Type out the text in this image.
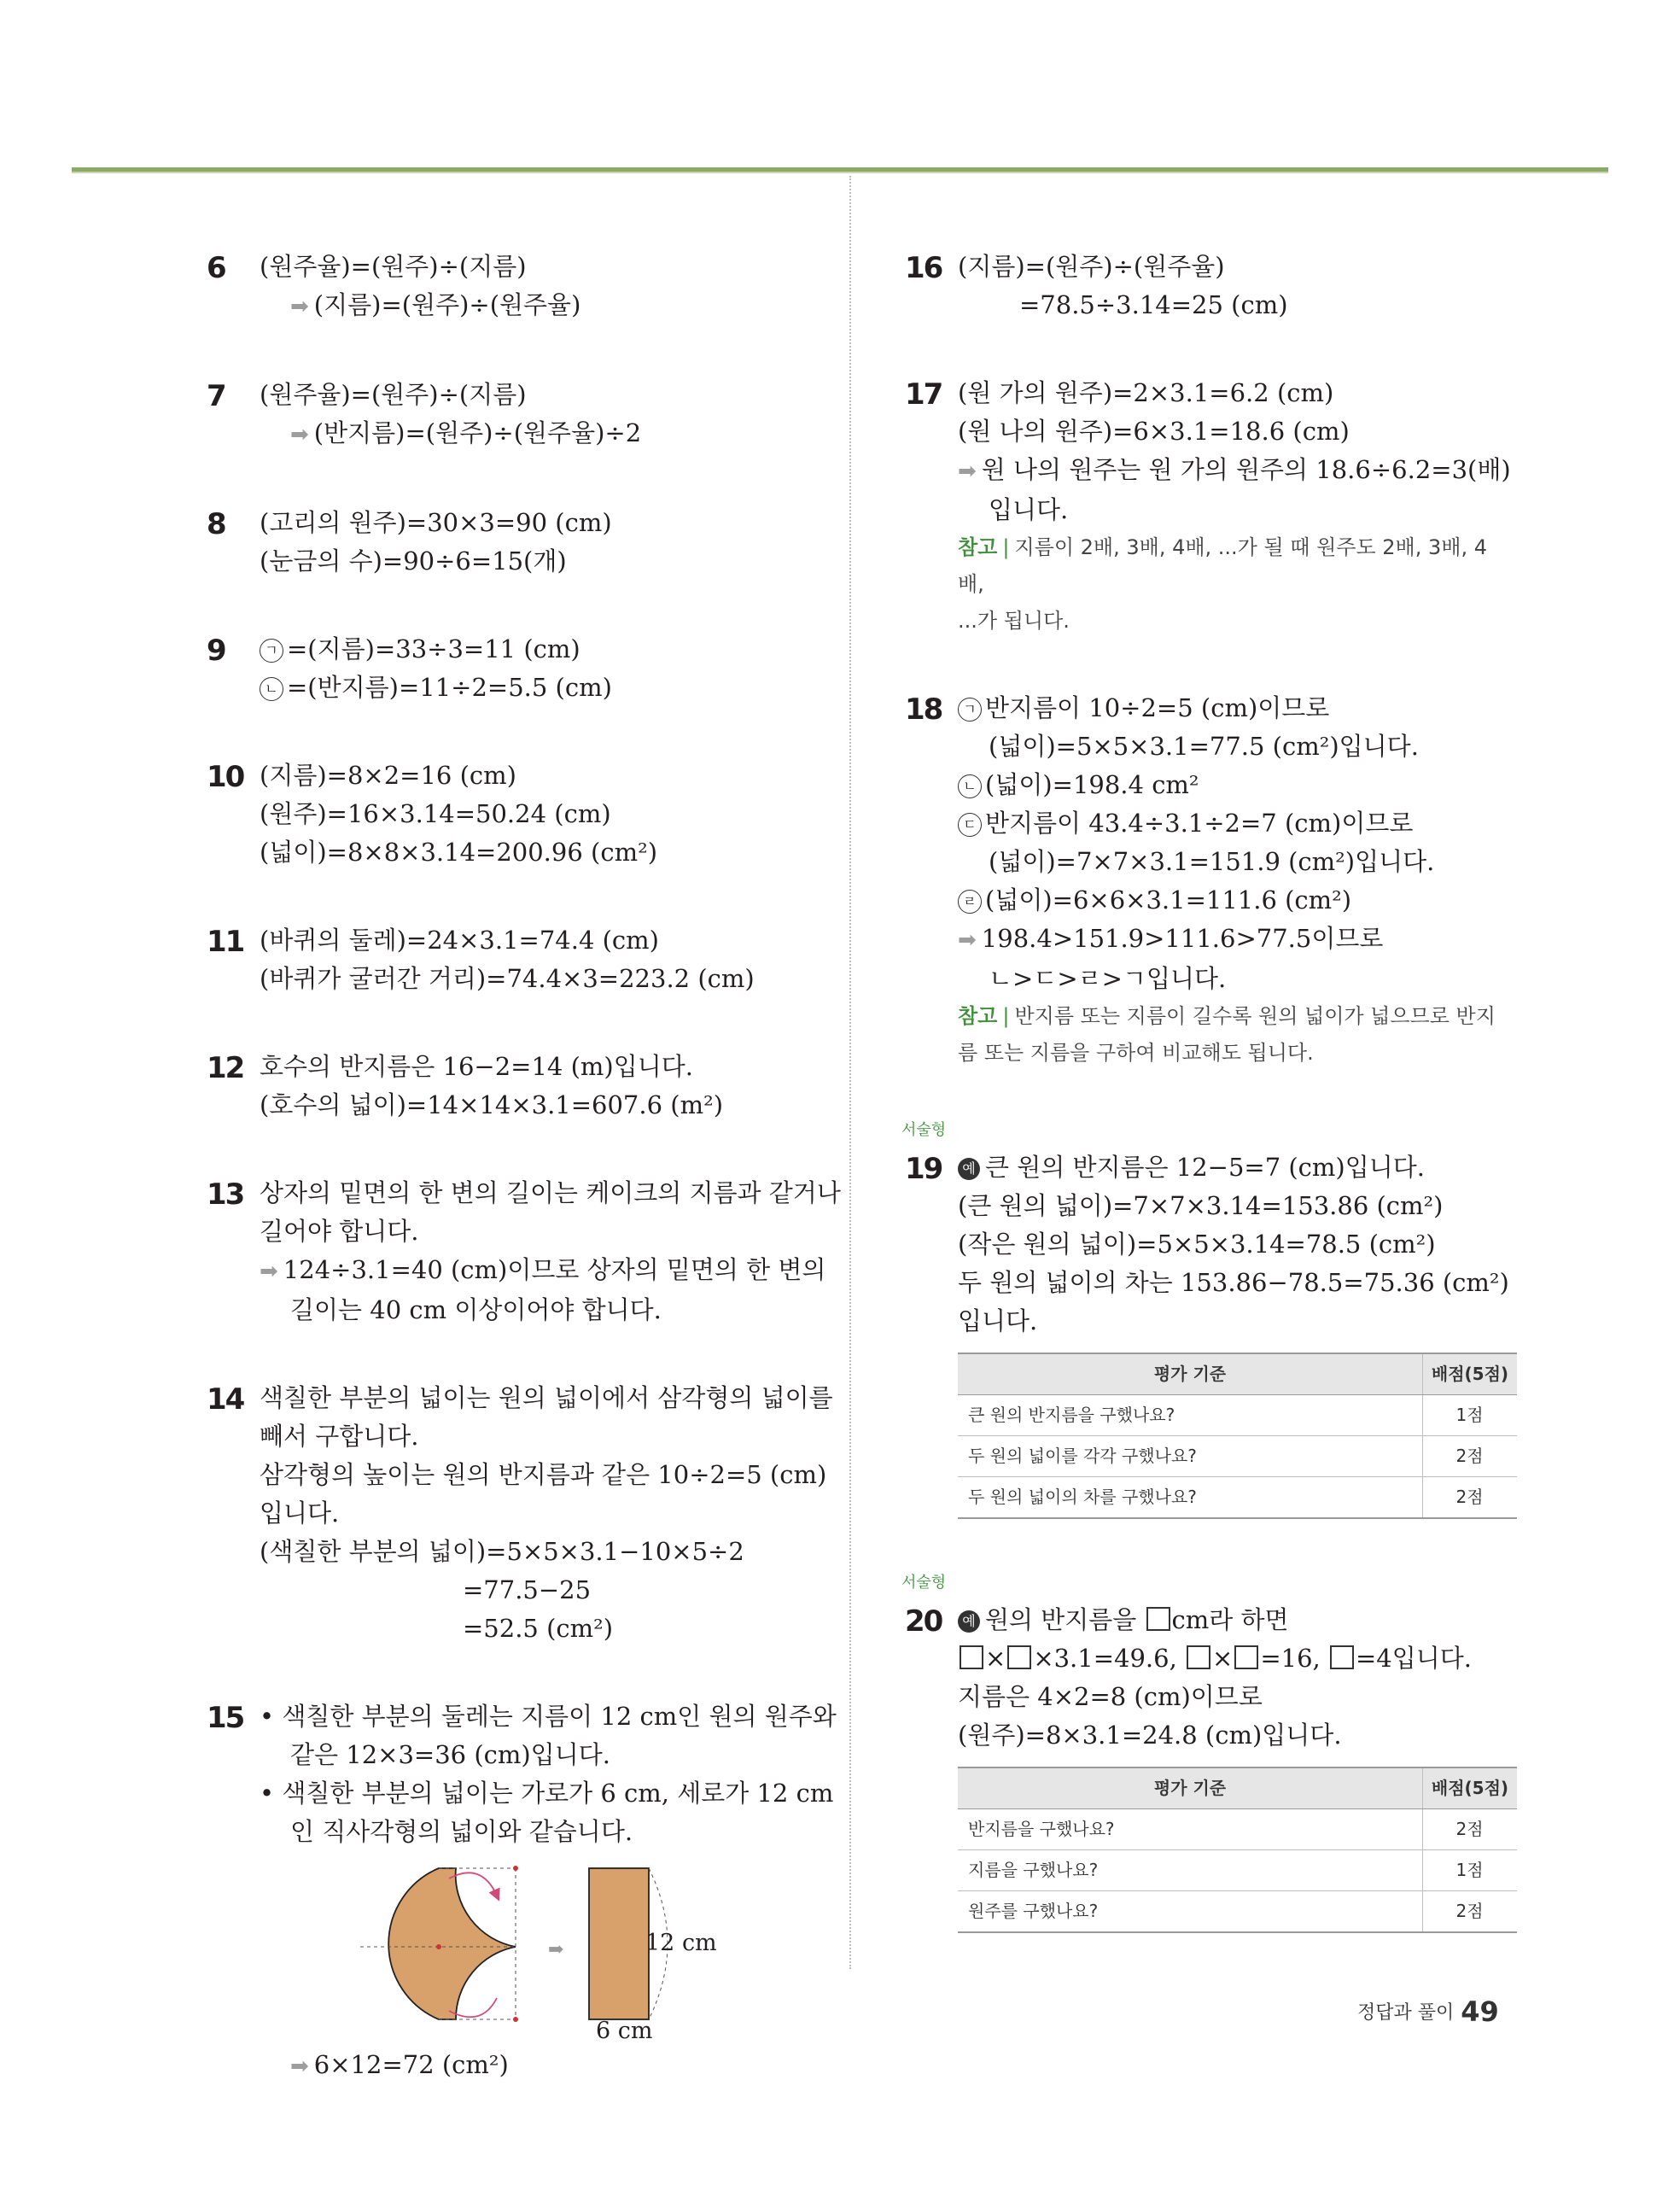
6	(원주율)=(원주)÷(지름)
➡ (지름)=(원주)÷(원주율)
7	(원주율)=(원주)÷(지름)
➡ (반지름)=(원주)÷(원주율)÷2
8	(고리의 원주)=30×3=90 (cm)
(눈금의 수)=90÷6=15(개)
9	ㄱ =(지름)=33÷3=11 (cm)
ㄴ =(반지름)=11÷2=5.5 (cm)
10 (지름)=8×2=16 (cm)
(원주)=16×3.14=50.24 (cm)
(넓이)=8×8×3.14=200.96 (cm²)
11 (바퀴의 둘레)=24×3.1=74.4 (cm)
(바퀴가 굴러간 거리)=74.4×3=223.2 (cm)
12 호수의 반지름은 16−2=14 (m)입니다.
(호수의 넓이)=14×14×3.1=607.6 (m²)
13 상자의 밑면의 한 변의 길이는 케이크의 지름과 같거나
길어야 합니다.
➡ 124÷3.1=40 (cm)이므로 상자의 밑면의 한 변의
길이는 40 cm 이상이어야 합니다.
14 색칠한 부분의 넓이는 원의 넓이에서 삼각형의 넓이를
빼서 구합니다.
삼각형의 높이는 원의 반지름과 같은 10÷2=5 (cm)
입니다.
(색칠한 부분의 넓이)=5×5×3.1−10×5÷2
=77.5−25
=52.5 (cm²)
15 • 색칠한 부분의 둘레는 지름이 12 cm인 원의 원주와
같은 12×3=36 (cm)입니다.
• 색칠한 부분의 넓이는 가로가 6 cm, 세로가 12 cm
인 직사각형의 넓이와 같습니다.
➡	12 cm
6 cm
➡ 6×12=72 (cm²)
16 (지름)=(원주)÷(원주율)
=78.5÷3.14=25 (cm)
17 (원 가의 원주)=2×3.1=6.2 (cm)
(원 나의 원주)=6×3.1=18.6 (cm)
➡ 원 나의 원주는 원 가의 원주의 18.6÷6.2=3(배)
입니다.
참고 | 지름이 2배, 3배, 4배, ...가 될 때 원주도 2배, 3배, 4배,
...가 됩니다.
18	ㄱ 반지름이 10÷2=5 (cm)이므로
(넓이)=5×5×3.1=77.5 (cm²)입니다.
ㄴ (넓이)=198.4 cm²
ㄷ 반지름이 43.4÷3.1÷2=7 (cm)이므로
(넓이)=7×7×3.1=151.9 (cm²)입니다.
ㄹ (넓이)=6×6×3.1=111.6 (cm²)
➡ 198.4>151.9>111.6>77.5이므로
ㄴ>ㄷ>ㄹ>ㄱ입니다.
참고 | 반지름 또는 지름이 길수록 원의 넓이가 넓으므로 반지
름 또는 지름을 구하여 비교해도 됩니다.
서술형
19	예 큰 원의 반지름은 12−5=7 (cm)입니다.
(큰 원의 넓이)=7×7×3.14=153.86 (cm²)
(작은 원의 넓이)=5×5×3.14=78.5 (cm²)
두 원의 넓이의 차는 153.86−78.5=75.36 (cm²)
입니다.
평가 기준	배점(5점)
큰 원의 반지름을 구했나요?	1점
두 원의 넓이를 각각 구했나요?	2점
두 원의 넓이의 차를 구했나요?	2점
서술형
20	예 원의 반지름을 cm라 하면
× ×3.1=49.6, × =16, =4입니다.
지름은 4×2=8 (cm)이므로
(원주)=8×3.1=24.8 (cm)입니다.
평가 기준	배점(5점)
반지름을 구했나요?	2점
지름을 구했나요?	1점
원주를 구했나요?	2점
정답과 풀이 49
